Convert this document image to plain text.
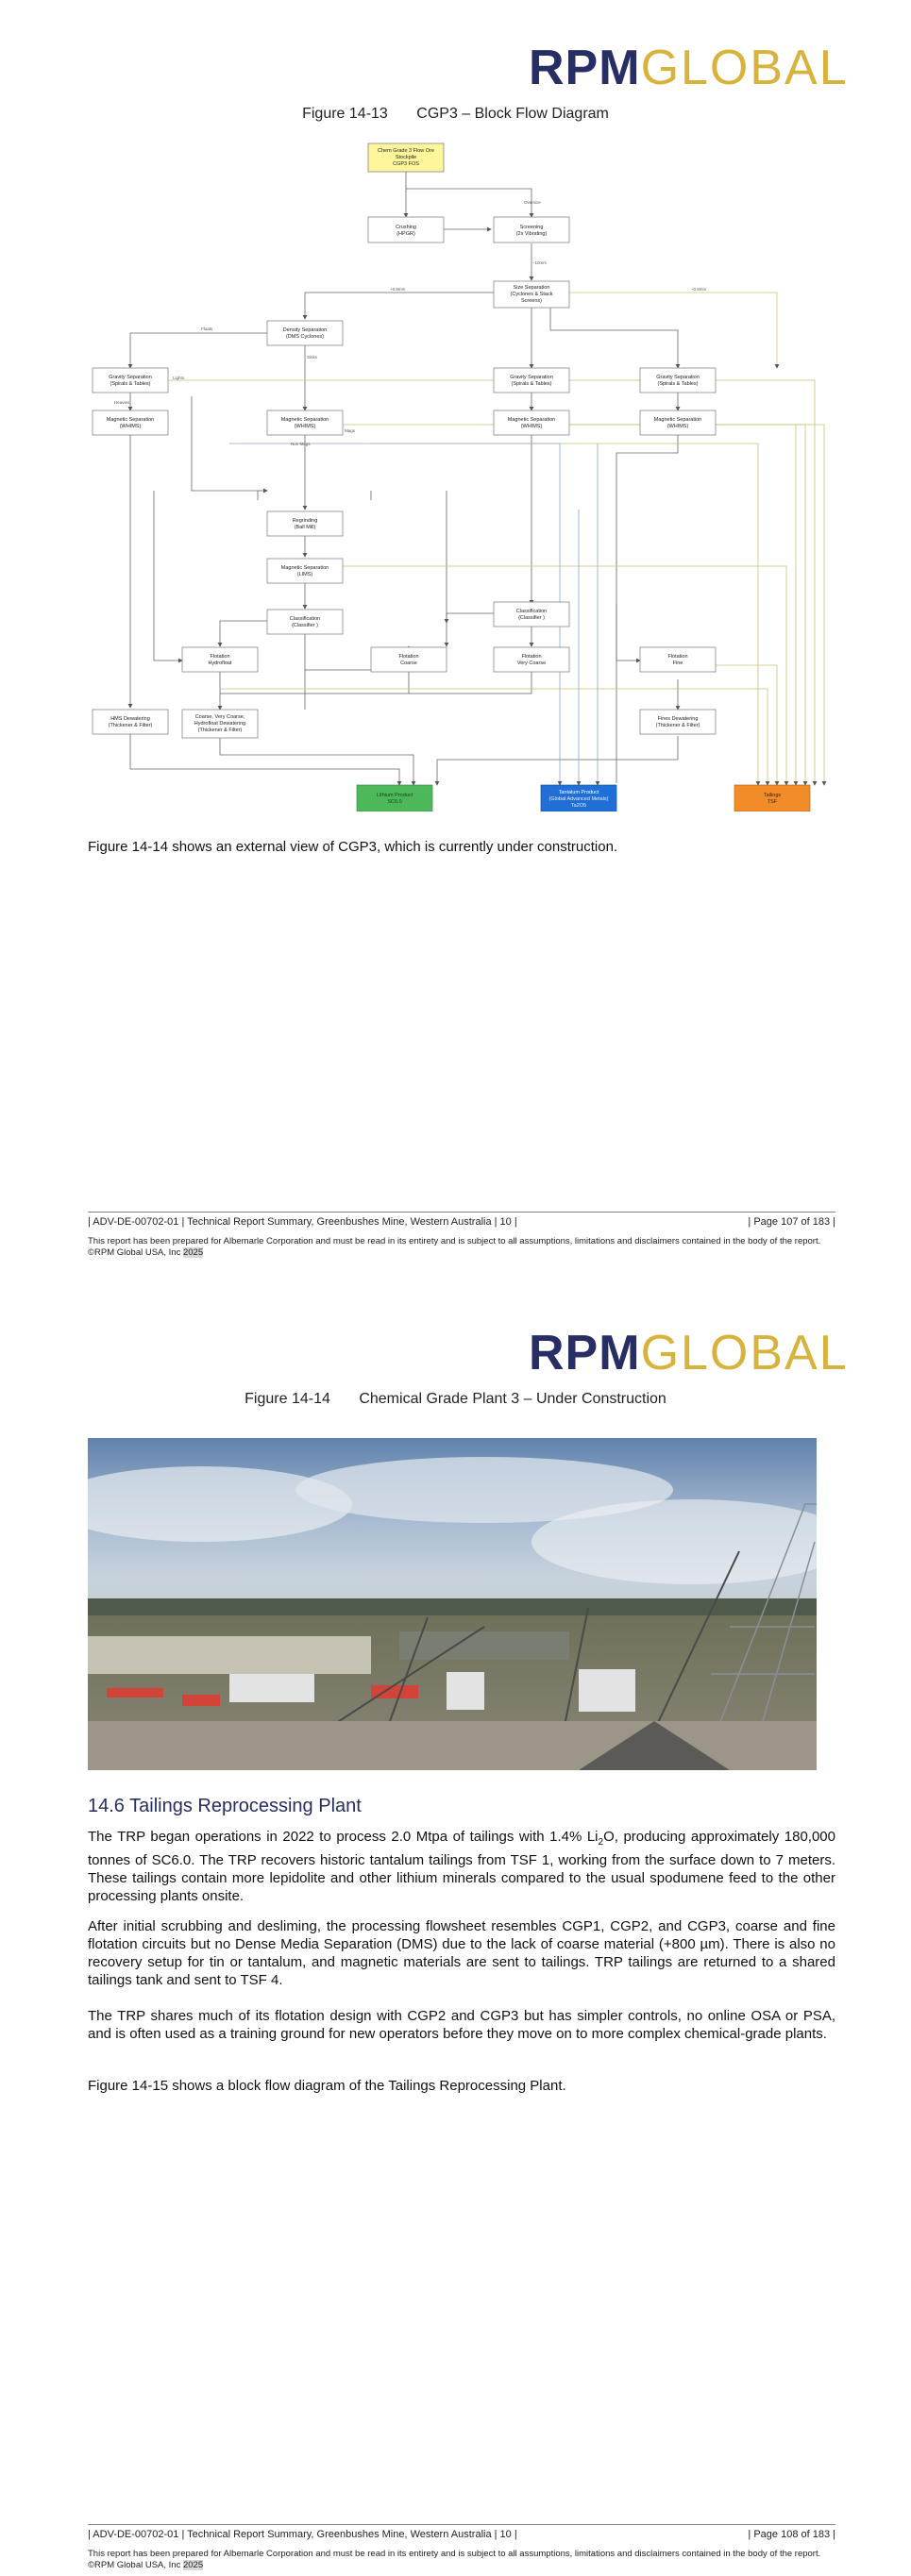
RPMGLOBAL
Figure 14-13 CGP3 – Block Flow Diagram
Chem Grade 3 Flow Ore
Stockpile
CGP3 FOS
Crushing
(HPGR)
Screening
(2x Vibrating)
Size Separation
(Cyclones & Stack
Screens)
Density Separation
(DMS Cyclones)
Gravity Separation
(Spirals & Tables)
Gravity Separation
(Spirals & Tables)
Gravity Separation
(Spirals & Tables)
Magnetic Separation
(WHIMS)
Magnetic Separation
(WHIMS)
Magnetic Separation
(WHIMS)
Magnetic Separation
(WHIMS)
Regrinding
(Ball Mill)
Magnetic Separation
(LIMS)
Classification
(Classifier )
Classification
(Classifier )
Flotation
Hydrofloat
Flotation
Coarse
Flotation
Very Coarse
Flotation
Fine
HMS Dewatering
(Thickener & Filter)
Coarse, Very Coarse,
Hydrofloat Dewatering
(Thickener & Filter)
Fines Dewatering
(Thickener & Filter)
Lithium Product
SC6.0
Tantalum Product
(Global Advanced Metals)
Ta2O5
Tailings
TSF
Oversize
-10mm
+0.8mm	-0.8mm
Sinks
Floats
Mags
Non Mags
Lights
Heavies
Figure 14-14 shows an external view of CGP3, which is currently under construction.
| ADV-DE-00702-01 | Technical Report Summary, Greenbushes Mine, Western Australia | 10 |	| Page 107 of 183 |
This report has been prepared for Albemarle Corporation and must be read in its entirety and is subject to all assumptions, limitations and disclaimers contained in the body of the report. ©RPM Global USA, Inc 2025
RPMGLOBAL
Figure 14-14 Chemical Grade Plant 3 – Under Construction
14.6 Tailings Reprocessing Plant
The TRP began operations in 2022 to process 2.0 Mtpa of tailings with 1.4% $Li_2O$, producing approximately 180,000 tonnes of SC6.0. The TRP recovers historic tantalum tailings from TSF 1, working from the surface down to 7 meters. These tailings contain more lepidolite and other lithium minerals compared to the usual spodumene feed to the other processing plants onsite.
After initial scrubbing and desliming, the processing flowsheet resembles CGP1, CGP2, and CGP3, coarse and fine flotation circuits but no Dense Media Separation (DMS) due to the lack of coarse material (+800 µm). There is also no recovery setup for tin or tantalum, and magnetic materials are sent to tailings. TRP tailings are returned to a shared tailings tank and sent to TSF 4.
The TRP shares much of its flotation design with CGP2 and CGP3 but has simpler controls, no online OSA or PSA, and is often used as a training ground for new operators before they move on to more complex chemical-grade plants.
Figure 14-15 shows a block flow diagram of the Tailings Reprocessing Plant.
| ADV-DE-00702-01 | Technical Report Summary, Greenbushes Mine, Western Australia | 10 |	| Page 108 of 183 |
This report has been prepared for Albemarle Corporation and must be read in its entirety and is subject to all assumptions, limitations and disclaimers contained in the body of the report. ©RPM Global USA, Inc 2025
